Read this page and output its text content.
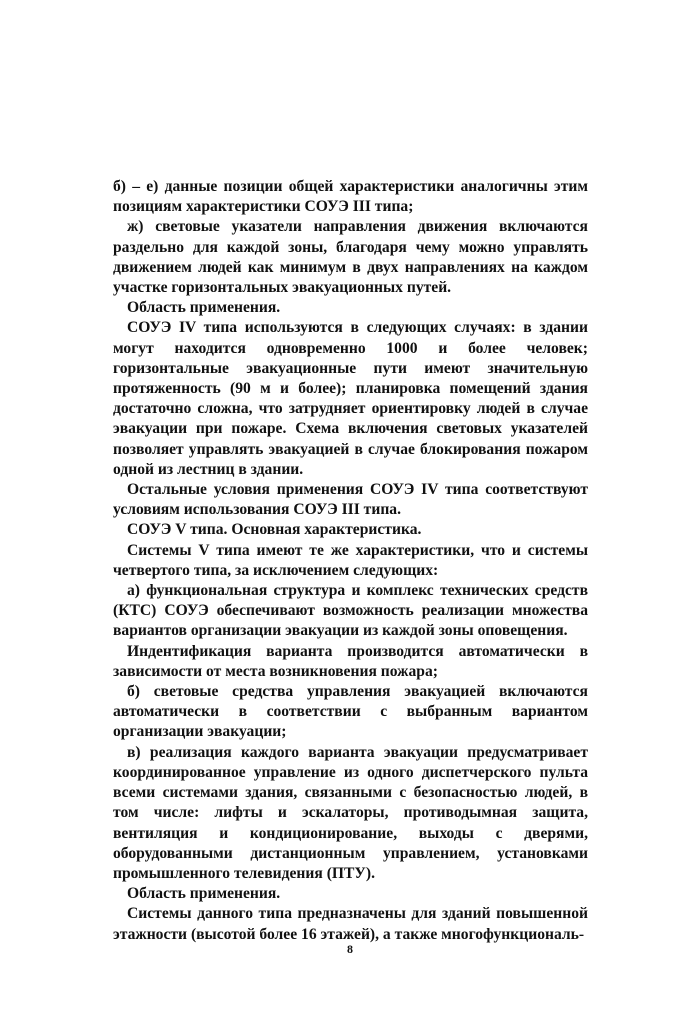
б) – е) данные позиции общей характеристики аналогичны этим позициям характеристики СОУЭ III типа;

ж) световые указатели направления движения включаются раздельно для каждой зоны, благодаря чему можно управлять движением людей как минимум в двух направлениях на каждом участке горизонтальных эвакуационных путей.

Область применения.

СОУЭ IV типа используются в следующих случаях: в здании могут находится одновременно 1000 и более человек; горизонтальные эвакуационные пути имеют значительную протяженность (90 м и более); планировка помещений здания достаточно сложна, что затрудняет ориентировку людей в случае эвакуации при пожаре. Схема включения световых указателей позволяет управлять эвакуацией в случае блокирования пожаром одной из лестниц в здании.

Остальные условия применения СОУЭ IV типа соответствуют условиям использования СОУЭ III типа.

СОУЭ V типа. Основная характеристика.

Системы V типа имеют те же характеристики, что и системы четвертого типа, за исключением следующих:

а) функциональная структура и комплекс технических средств (КТС) СОУЭ обеспечивают возможность реализации множества вариантов организации эвакуации из каждой зоны оповещения.

Индентификация варианта производится автоматически в зависимости от места возникновения пожара;

б) световые средства управления эвакуацией включаются автоматически в соответствии с выбранным вариантом организации эвакуации;

в) реализация каждого варианта эвакуации предусматривает координированное управление из одного диспетчерского пульта всеми системами здания, связанными с безопасностью людей, в том числе: лифты и эскалаторы, противодымная защита, вентиляция и кондиционирование, выходы с дверями, оборудованными дистанционным управлением, установками промышленного телевидения (ПТУ).

Область применения.

Системы данного типа предназначены для зданий повышенной этажности (высотой более 16 этажей), а также многофункциональ-

8
